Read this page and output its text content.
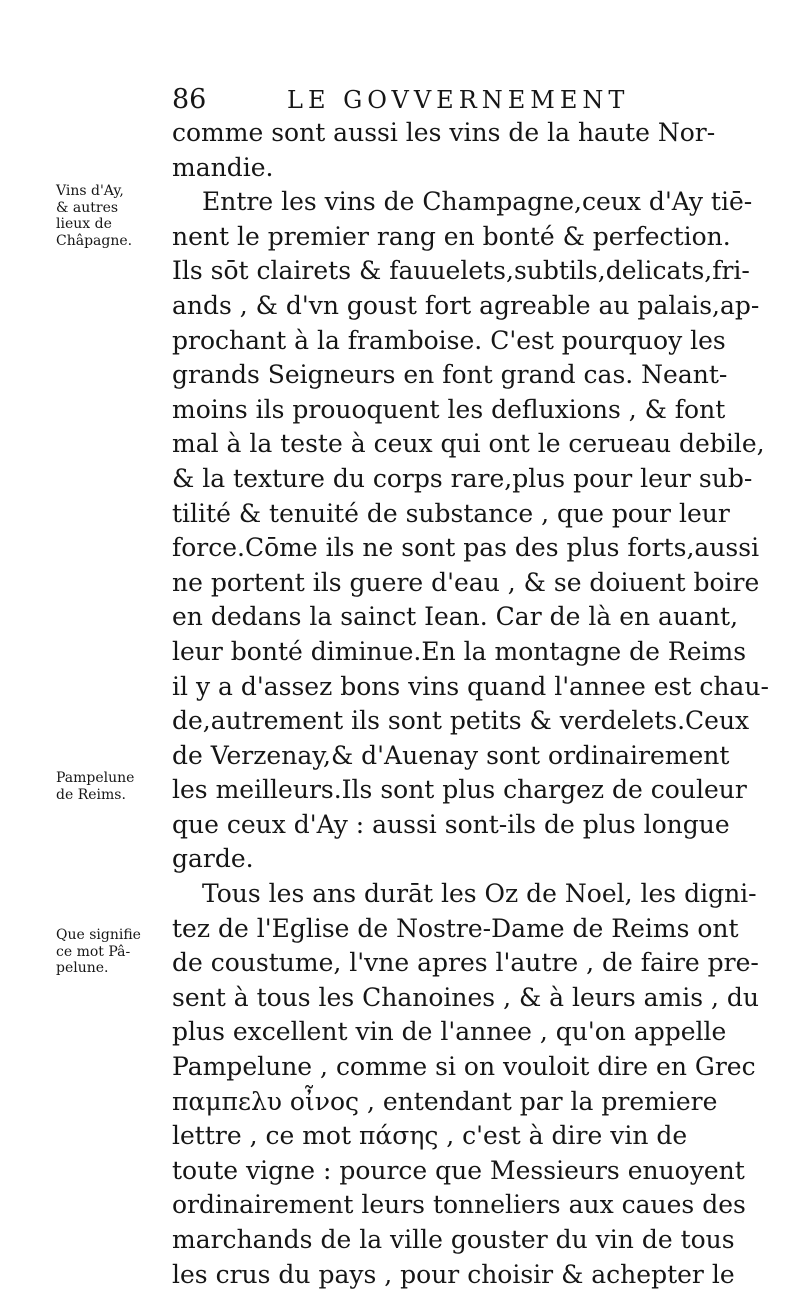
86	LE GOVVERNEMENT
Vins d'Ay,
& autres
lieux de
Châpagne.
Pampelune
de Reims.
Que signifie
ce mot Pâ-
pelune.
comme sont aussi les vins de la haute Nor-
mandie.
Entre les vins de Champagne,ceux d'Ay tiē-
nent le premier rang en bonté & perfection.
Ils sōt clairets & fauuelets,subtils,delicats,fri-
ands , & d'vn goust fort agreable au palais,ap-
prochant à la framboise. C'est pourquoy les
grands Seigneurs en font grand cas. Neant-
moins ils prouoquent les defluxions , & font
mal à la teste à ceux qui ont le cerueau debile,
& la texture du corps rare,plus pour leur sub-
tilité & tenuité de substance , que pour leur
force.Cōme ils ne sont pas des plus forts,aussi
ne portent ils guere d'eau , & se doiuent boire
en dedans la sainct Iean. Car de là en auant,
leur bonté diminue.En la montagne de Reims
il y a d'assez bons vins quand l'annee est chau-
de,autrement ils sont petits & verdelets.Ceux
de Verzenay,& d'Auenay sont ordinairement
les meilleurs.Ils sont plus chargez de couleur
que ceux d'Ay : aussi sont-ils de plus longue
garde.
Tous les ans durāt les Oz de Noel, les digni-
tez de l'Eglise de Nostre-Dame de Reims ont
de coustume, l'vne apres l'autre , de faire pre-
sent à tous les Chanoines , & à leurs amis , du
plus excellent vin de l'annee , qu'on appelle
Pampelune , comme si on vouloit dire en Grec
παμπελυ οἶνος , entendant par la premiere
lettre , ce mot πάσης , c'est à dire vin de
toute vigne : pource que Messieurs enuoyent
ordinairement leurs tonneliers aux caues des
marchands de la ville gouster du vin de tous
les crus du pays , pour choisir & achepter le
